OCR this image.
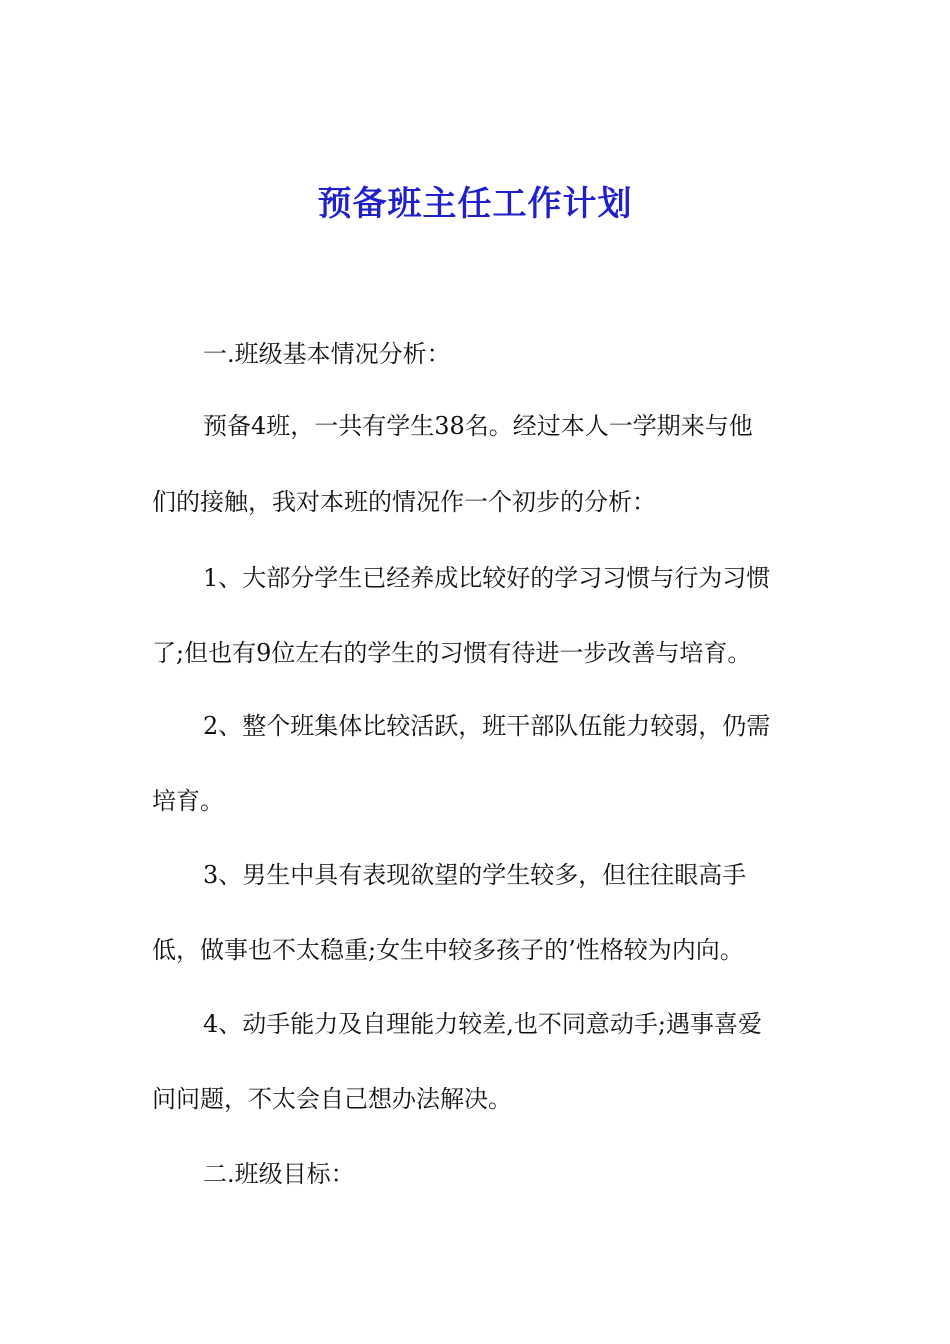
预备班主任工作计划
一.班级基本情况分析：
预备4班，一共有学生38名。经过本人一学期来与他
们的接触，我对本班的情况作一个初步的分析：
1、大部分学生已经养成比较好的学习习惯与行为习惯
了;但也有9位左右的学生的习惯有待进一步改善与培育。
2、整个班集体比较活跃，班干部队伍能力较弱，仍需
培育。
3、男生中具有表现欲望的学生较多，但往往眼高手
低，做事也不太稳重;女生中较多孩子的’性格较为内向。
4、动手能力及自理能力较差,也不同意动手;遇事喜爱
问问题，不太会自己想办法解决。
二.班级目标：
